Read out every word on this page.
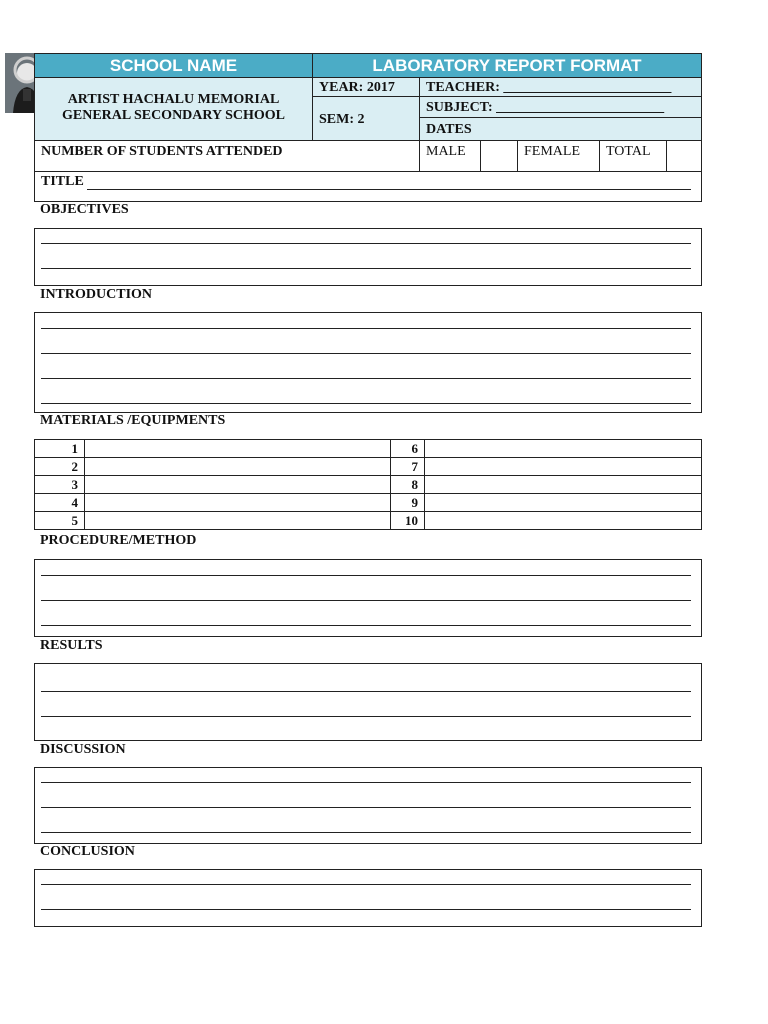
SCHOOL NAME	LABORATORY REPORT FORMAT
ARTIST HACHALU MEMORIAL
GENERAL SECONDARY SCHOOL
YEAR: 2017
SEM: 2
TEACHER: ________________________
SUBJECT: ________________________
DATES
NUMBER OF STUDENTS ATTENDED	MALE	FEMALE	TOTAL
TITLE
OBJECTIVES
INTRODUCTION
MATERIALS /EQUIPMENTS
1		6	
2		7	
3		8	
4		9	
5		10	
PROCEDURE/METHOD
RESULTS
DISCUSSION
CONCLUSION
